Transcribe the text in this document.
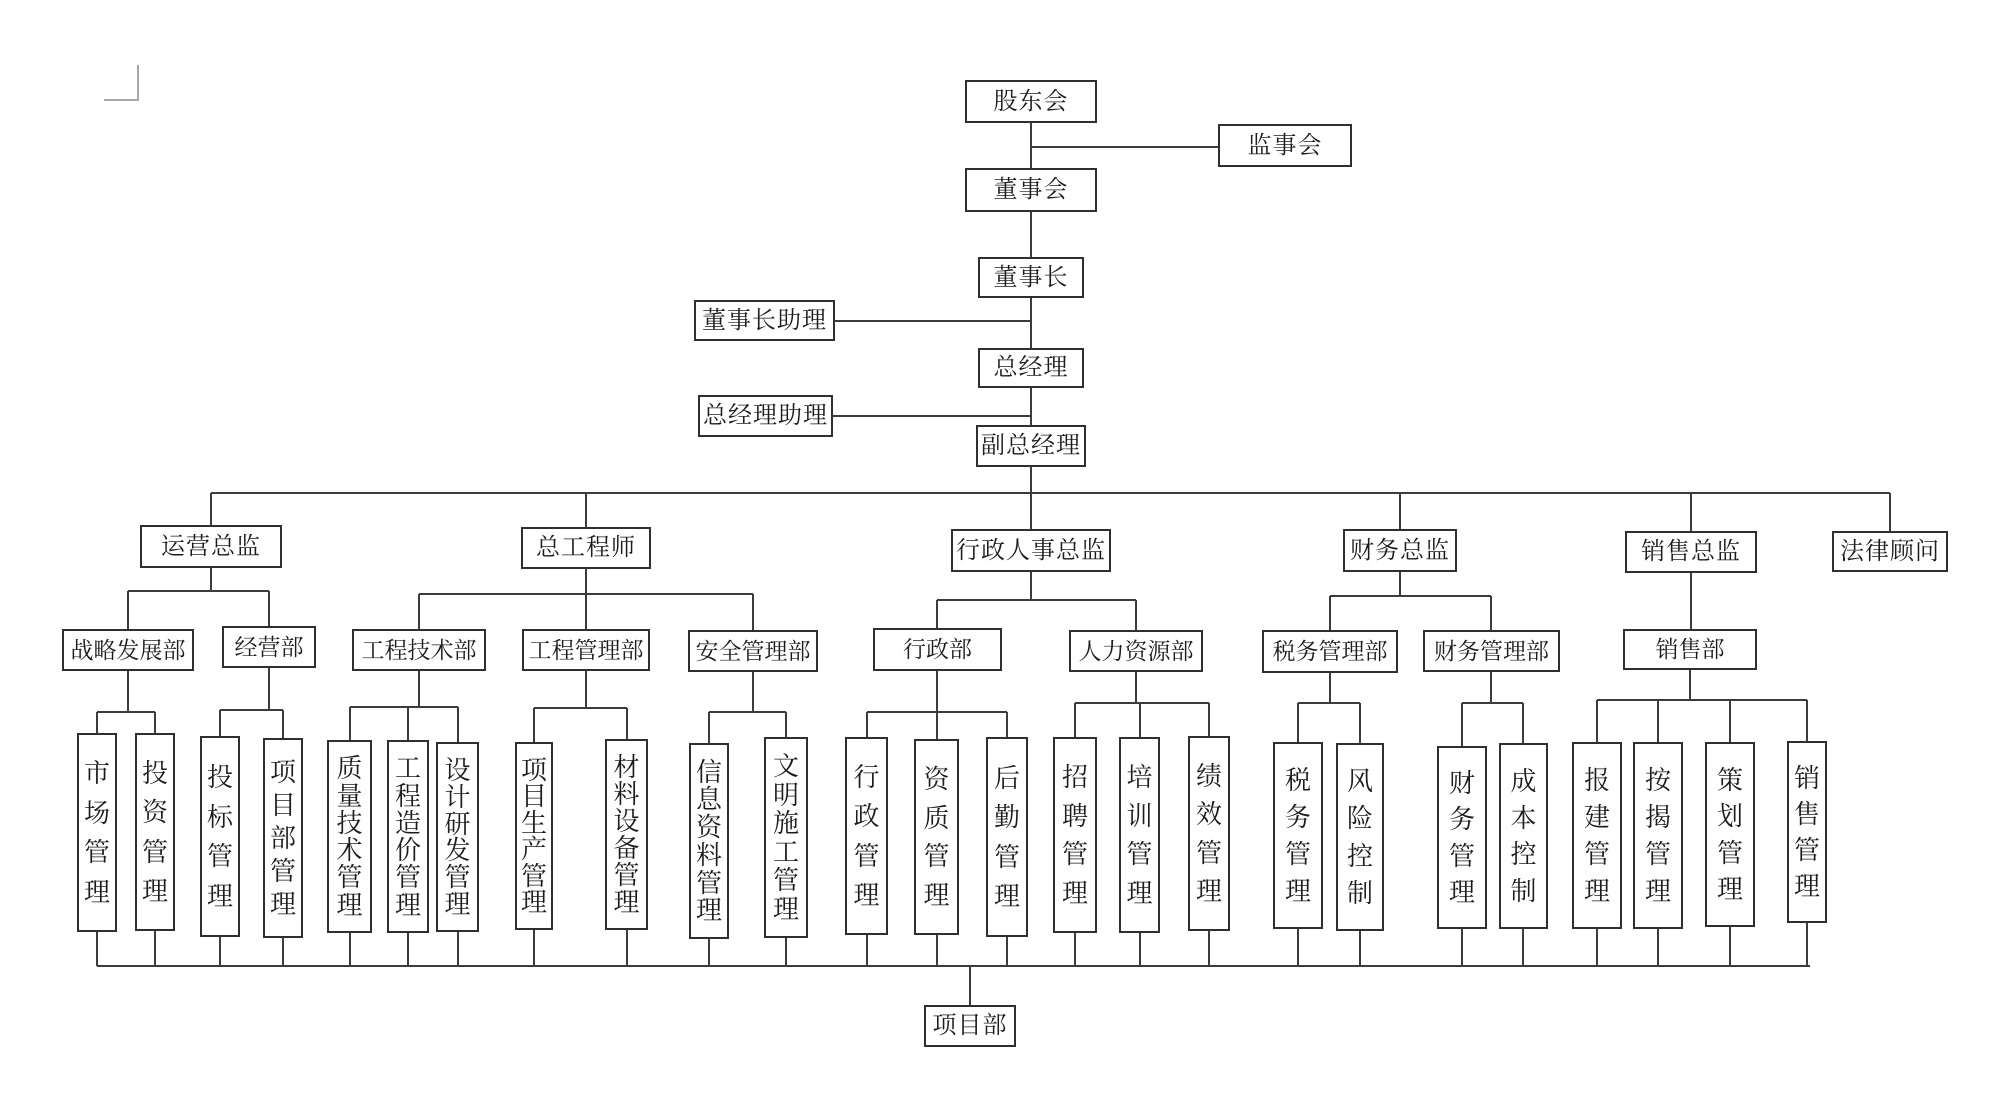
股东会
监事会
董事会
董事长
董事长助理
总经理
总经理助理
副总经理
运营总监	总工程师	行政人事总监	财务总监	销售总监	法律顾问
战略发展部 经营部	工程技术部 工程管理部 安全管理部	行政部	人力资源部	税务管理部 财务管理部	销售部
市
场
管
理
投
资
管
理
投
标
管
理
项
目
部
管
理
质
量
技
术
管
理
工
程
造
价
管
理
设
计
研
发
管
理
项
目
生
产
管
理
材
料
设
备
管
理
信
息
资
料
管
理
文
明
施
工
管
理
行
政
管
理
资
质
管
理
后
勤
管
理
招
聘
管
理
培
训
管
理
绩
效
管
理
税
务
管
理
风
险
控
制
财
务
管
理
成
本
控
制
报
建
管
理
按
揭
管
理
策
划
管
理
销
售
管
理
项目部
